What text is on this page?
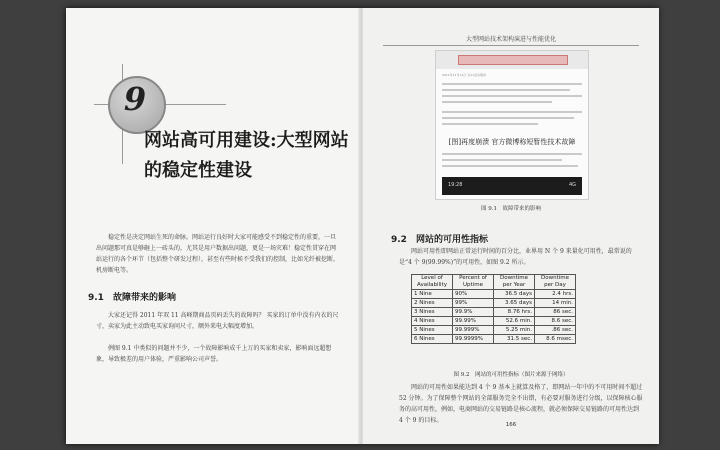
9
网站高可用建设:大型网站的稳定性建设

稳定性是决定网站生死的命脉。网站运行良好时大家可能感受不到稳定性的重要，一旦出问题那可真是够砸上一砖头的，尤其是用户数据出问题，更是一场灾难！稳定性贯穿在网站运行的各个环节（包括整个研发过程），甚至有些时候不受我们的控制，比如光纤被挖断，机房断电等。

9.1　故障带来的影响

大家还记得 2011 年双 11 高峰期商品页码丢失的故障吗？ 买家的订单中没有内衣的尺寸，卖家为此主动致电买家询问尺寸，额外来电大幅度增加。

例图 9.1 中类似的问题并不少，一个故障影响成千上万的买家和卖家，影响面远超想象，导致极差的用户体验，严重影响公司声誉。

大型网站技术架构演进与性能优化
2011年11月11日 双11活动期间
[图]再度崩溃 官方微博称短暂性技术故障
19:28	4G
图 9.1　故障带来的影响
9.2　网站的可用性指标

网站可用性即网站正常运行时间的百分比，业界用 N 个 9 来量化可用性，最常说的是“4 个 9(99.99%)”的可用性，如图 9.2 所示。

Level of Availability	Percent of Uptime	Downtime per Year	Downtime per Day
1 Nine	90%	36.5 days	2.4 hrs.
2 Nines	99%	3.65 days	14 min.
3 Nines	99.9%	8.76 hrs.	86 sec.
4 Nines	99.99%	52.6 min.	8.6 sec.
5 Nines	99.999%	5.25 min.	.86 sec.
6 Nines	99.9999%	31.5 sec.	8.6 msec.
图 9.2　网站的可用性指标（图片来源于网络）

网站的可用性如果能达到 4 个 9 基本上就算及格了，即网站一年中的不可用时间不超过 52 分钟。为了保障整个网站的全部服务完全不出错，有必要对服务进行分级，以保障核心服务的高可用性，例如，电商网站的交易链路是核心流程，就必须保障交易链路的可用性达到 4 个 9 的目标。

166
